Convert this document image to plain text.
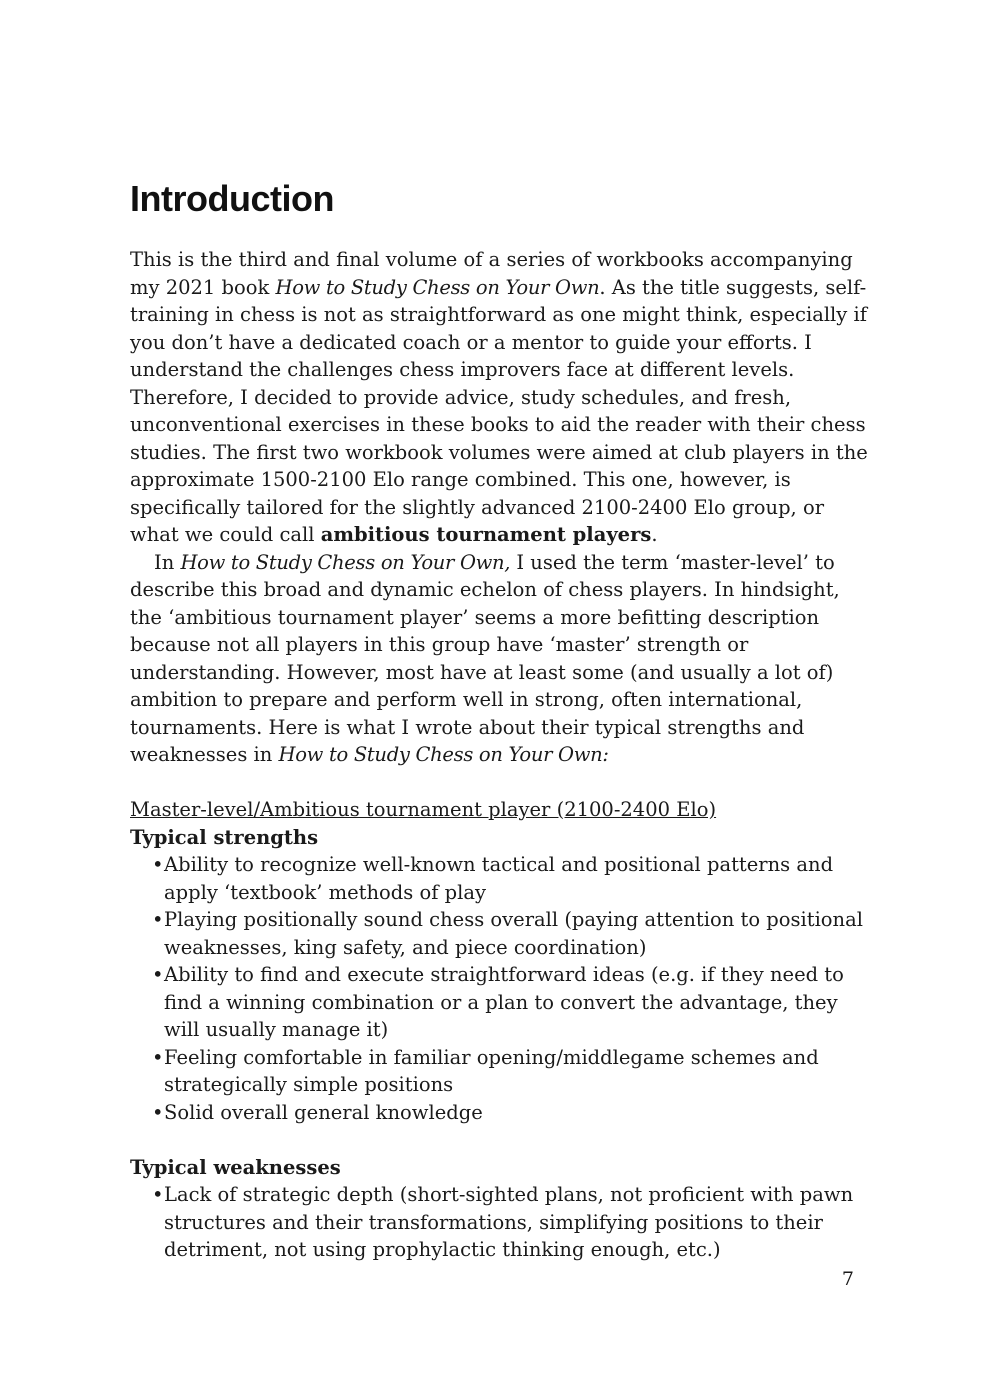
Introduction

This is the third and final volume of a series of workbooks accompanying my 2021 book How to Study Chess on Your Own. As the title suggests, self-training in chess is not as straightforward as one might think, especially if you don’t have a dedicated coach or a mentor to guide your efforts. I understand the challenges chess improvers face at different levels. Therefore, I decided to provide advice, study schedules, and fresh, unconventional exercises in these books to aid the reader with their chess studies. The first two workbook volumes were aimed at club players in the approximate 1500-2100 Elo range combined. This one, however, is specifically tailored for the slightly advanced 2100-2400 Elo group, or what we could call ambitious tournament players.

In How to Study Chess on Your Own, I used the term ‘master-level’ to describe this broad and dynamic echelon of chess players. In hindsight, the ‘ambitious tournament player’ seems a more befitting description because not all players in this group have ‘master’ strength or understanding. However, most have at least some (and usually a lot of) ambition to prepare and perform well in strong, often international, tournaments. Here is what I wrote about their typical strengths and weaknesses in How to Study Chess on Your Own:

Master-level/Ambitious tournament player (2100-2400 Elo)

Typical strengths

• Ability to recognize well-known tactical and positional patterns and apply ‘textbook’ methods of play
• Playing positionally sound chess overall (paying attention to positional weaknesses, king safety, and piece coordination)
• Ability to find and execute straightforward ideas (e.g. if they need to find a winning combination or a plan to convert the advantage, they will usually manage it)
• Feeling comfortable in familiar opening/middlegame schemes and strategically simple positions
• Solid overall general knowledge

Typical weaknesses

• Lack of strategic depth (short-sighted plans, not proficient with pawn structures and their transformations, simplifying positions to their detriment, not using prophylactic thinking enough, etc.)
7
